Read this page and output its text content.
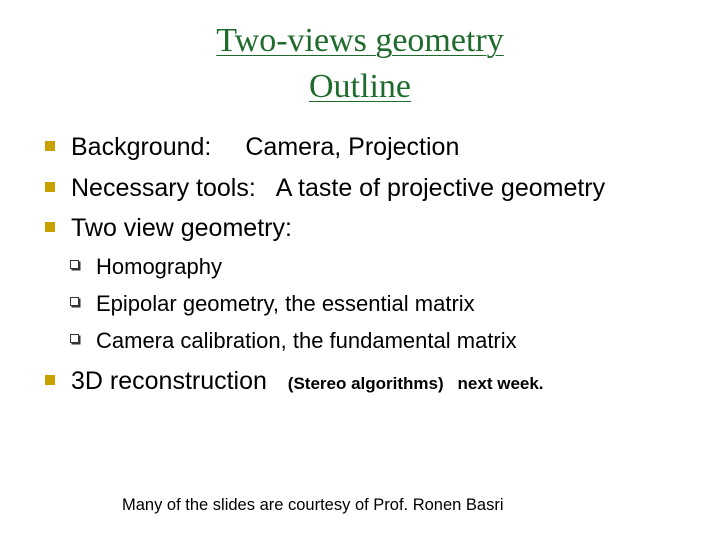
Two-views geometry
Outline
Background: Camera, Projection
Necessary tools: A taste of projective geometry
Two view geometry:
Homography
Epipolar geometry, the essential matrix
Camera calibration, the fundamental matrix
3D reconstruction (Stereo algorithms) next week.
Many of the slides are courtesy of Prof. Ronen Basri
